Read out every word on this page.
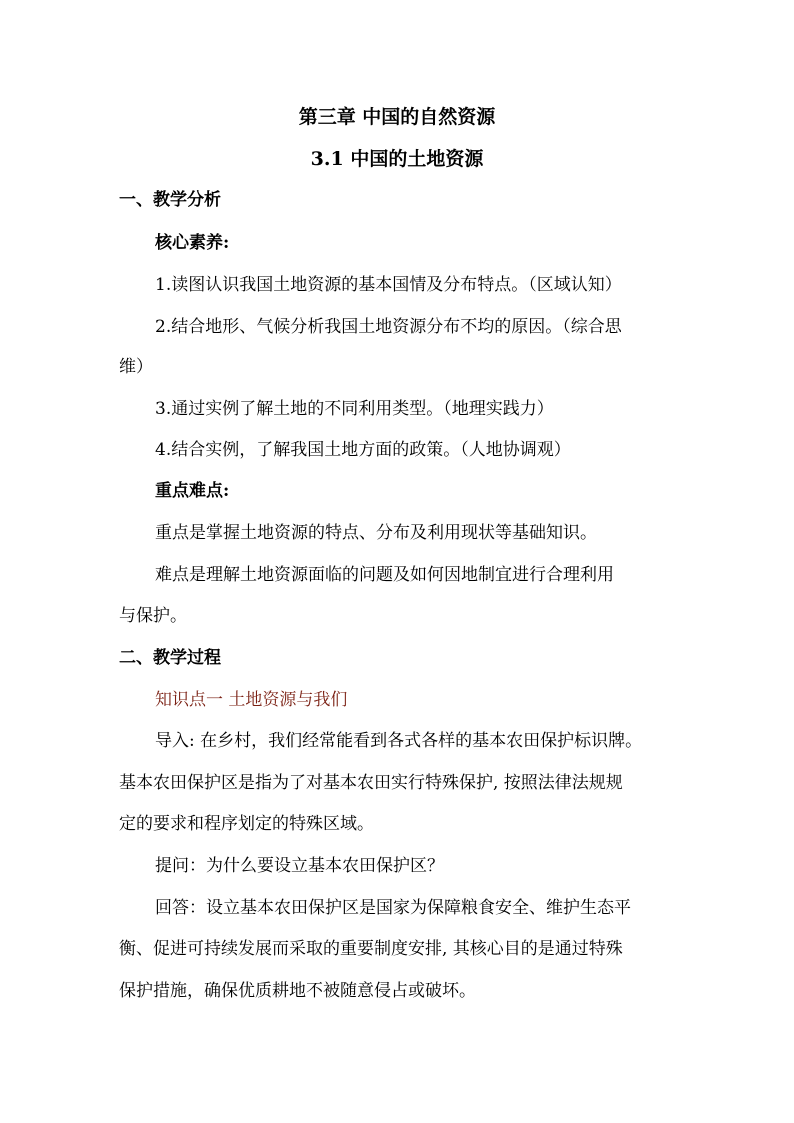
第三章 中国的自然资源
3.1 中国的土地资源
一、教学分析
核心素养:
1.读图认识我国土地资源的基本国情及分布特点。（区域认知）
2.结合地形、气候分析我国土地资源分布不均的原因。（综合思
维）
3.通过实例了解土地的不同利用类型。（地理实践力）
4.结合实例，了解我国土地方面的政策。（人地协调观）
重点难点:
重点是掌握土地资源的特点、分布及利用现状等基础知识。
难点是理解土地资源面临的问题及如何因地制宜进行合理利用
与保护。
二、教学过程
知识点一 土地资源与我们
导入: 在乡村，我们经常能看到各式各样的基本农田保护标识牌。
基本农田保护区是指为了对基本农田实行特殊保护, 按照法律法规规
定的要求和程序划定的特殊区域。
提问：为什么要设立基本农田保护区？
回答：设立基本农田保护区是国家为保障粮食安全、维护生态平
衡、促进可持续发展而采取的重要制度安排, 其核心目的是通过特殊
保护措施，确保优质耕地不被随意侵占或破坏。
